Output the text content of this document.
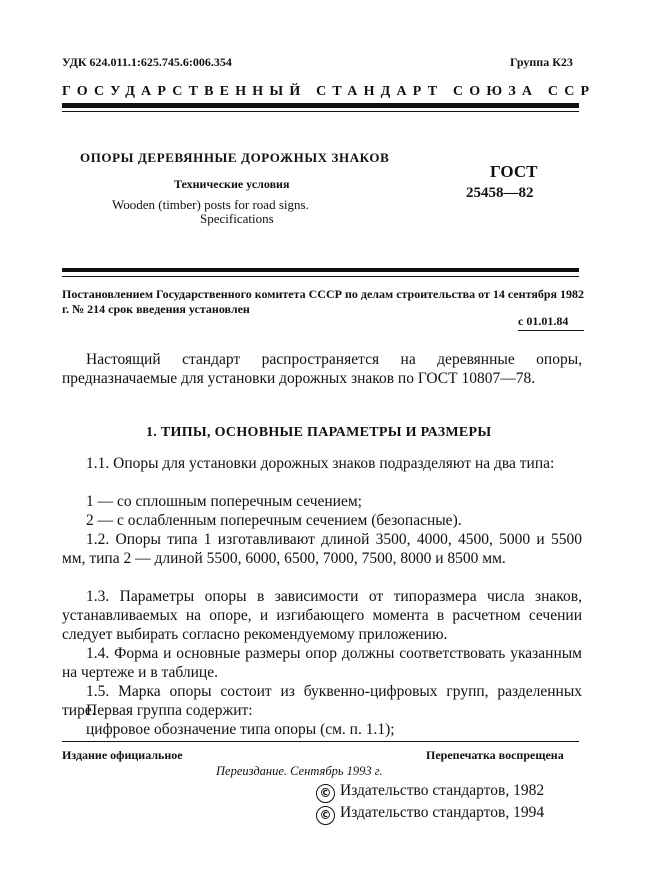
УДК 624.011.1:625.745.6:006.354	Группа К23
ГОСУДАРСТВЕННЫЙ СТАНДАРТ СОЮЗА ССР
ОПОРЫ ДЕРЕВЯННЫЕ ДОРОЖНЫХ ЗНАКОВ
Технические условия
Wooden (timber) posts for road signs.
Specifications
ГОСТ
25458—82
Постановлением Государственного комитета СССР по делам строительства от 14 сентября 1982 г. № 214 срок введения установлен
с 01.01.84
Настоящий стандарт распространяется на деревянные опоры, предназначаемые для установки дорожных знаков по ГОСТ 10807—78.
1. ТИПЫ, ОСНОВНЫЕ ПАРАМЕТРЫ И РАЗМЕРЫ
1.1. Опоры для установки дорожных знаков подразделяют на два типа:
1 — со сплошным поперечным сечением;
2 — с ослабленным поперечным сечением (безопасные).
1.2. Опоры типа 1 изготавливают длиной 3500, 4000, 4500, 5000 и 5500 мм, типа 2 — длиной 5500, 6000, 6500, 7000, 7500, 8000 и 8500 мм.
1.3. Параметры опоры в зависимости от типоразмера числа знаков, устанавливаемых на опоре, и изгибающего момента в расчетном сечении следует выбирать согласно рекомендуемому приложению.
1.4. Форма и основные размеры опор должны соответствовать указанным на чертеже и в таблице.
1.5. Марка опоры состоит из буквенно-цифровых групп, разделенных тире.
Первая группа содержит:
цифровое обозначение типа опоры (см. п. 1.1);
Издание официальное	Перепечатка воспрещена
Переиздание. Сентябрь 1993 г.
© Издательство стандартов, 1982
© Издательство стандартов, 1994
